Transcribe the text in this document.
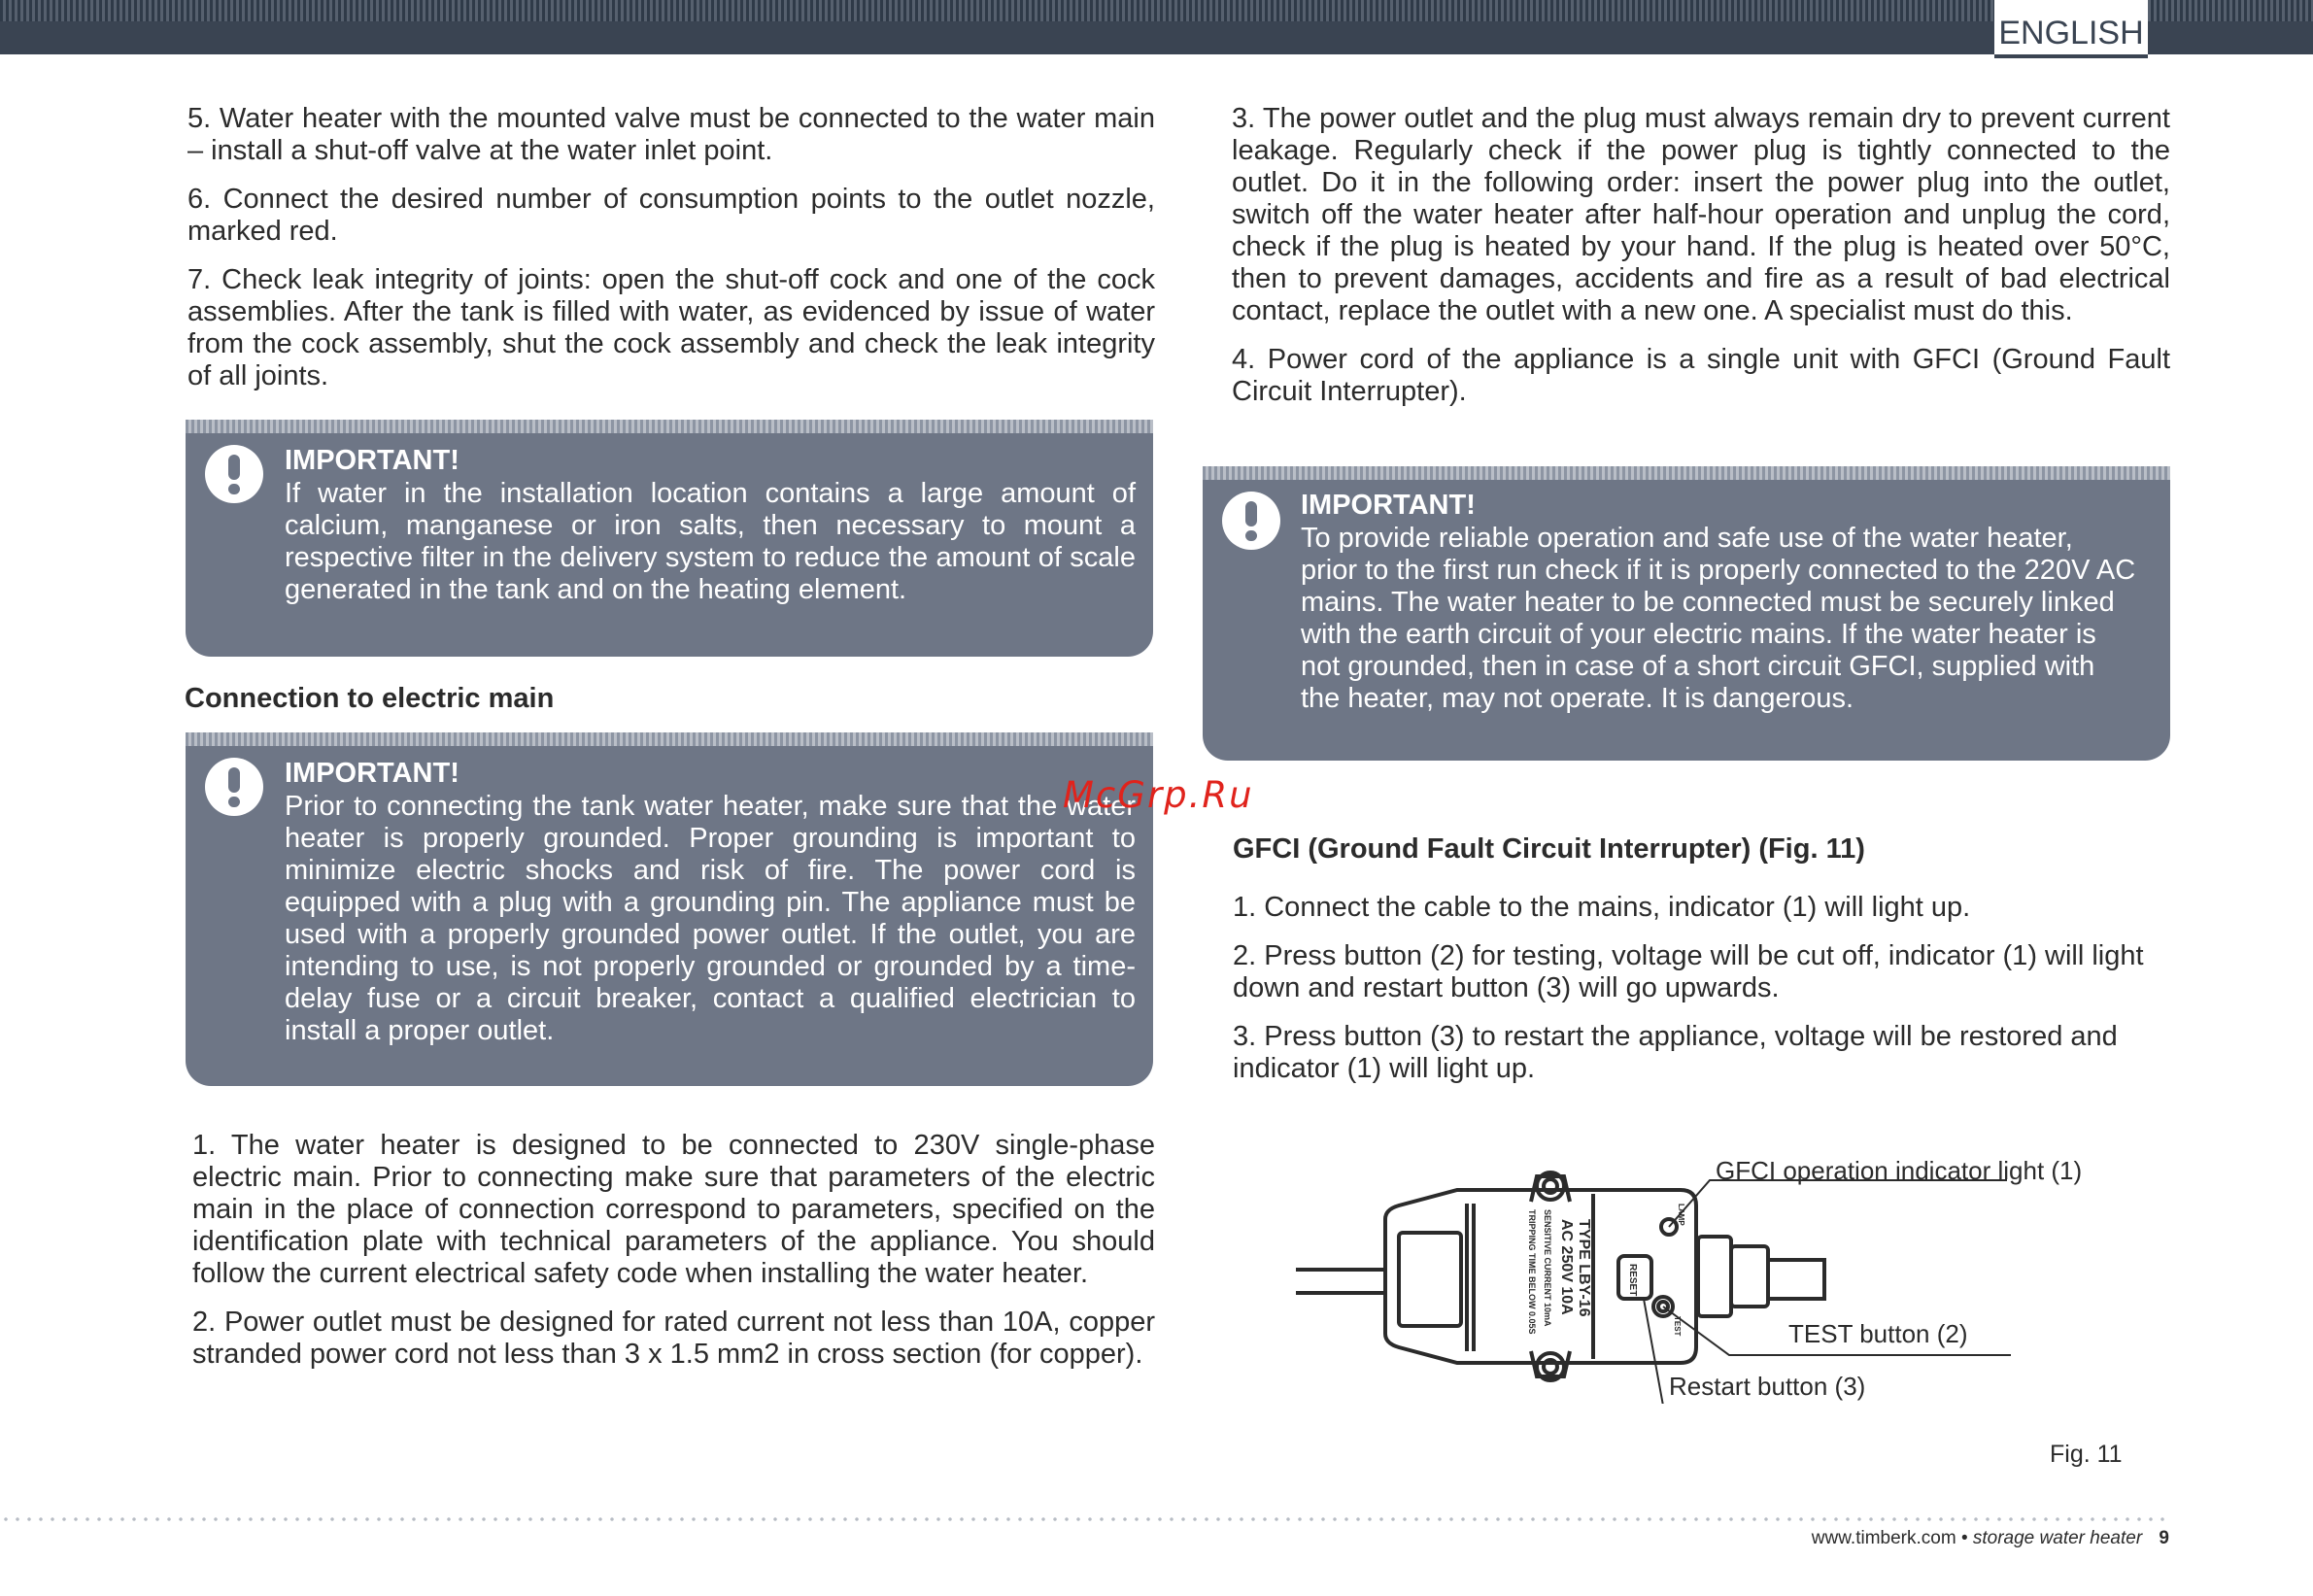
ENGLISH

5. Water heater with the mounted valve must be connected to the water main – install a shut-off valve at the water inlet point.

6. Connect the desired number of consumption points to the outlet nozzle, marked red.

7. Check leak integrity of joints: open the shut-off cock and one of the cock assemblies. After the tank is filled with water, as evidenced by issue of water from the cock assembly, shut the cock assembly and check the leak integrity of all joints.

IMPORTANT!
If water in the installation location contains a large amount of calcium, manganese or iron salts, then necessary to mount a respective filter in the delivery system to reduce the amount of scale generated in the tank and on the heating element.
Connection to electric main
IMPORTANT!
Prior to connecting the tank water heater, make sure that the water heater is properly grounded. Proper grounding is important to minimize electric shocks and risk of fire. The power cord is equipped with a plug with a grounding pin. The appliance must be used with a properly grounded power outlet. If the outlet, you are intending to use, is not properly grounded or grounded by a time-delay fuse or a circuit breaker, contact a qualified electrician to install a proper outlet.

1. The water heater is designed to be connected to 230V single-phase electric main. Prior to connecting make sure that parameters of the electric main in the place of connection correspond to parameters, specified on the identification plate with technical parameters of the appliance. You should follow the current electrical safety code when installing the water heater.

2. Power outlet must be designed for rated current not less than 10A, copper stranded power cord not less than 3 x 1.5 mm2 in cross section (for copper).

3. The power outlet and the plug must always remain dry to prevent current leakage. Regularly check if the power plug is tightly connected to the outlet. Do it in the following order: insert the power plug into the outlet, switch off the water heater after half-hour operation and unplug the cord, check if the plug is heated by your hand. If the plug is heated over 50°C, then to prevent damages, accidents and fire as a result of bad electrical contact, replace the outlet with a new one. A specialist must do this.

4. Power cord of the appliance is a single unit with GFCI (Ground Fault Circuit Interrupter).

IMPORTANT!
To provide reliable operation and safe use of the water heater, prior to the first run check if it is properly connected to the 220V AC mains. The water heater to be connected must be securely linked with the earth circuit of your electric mains. If the water heater is not grounded, then in case of a short circuit GFCI, supplied with the heater, may not operate. It is dangerous.
McGrp.Ru
GFCI (Ground Fault Circuit Interrupter) (Fig. 11)

1. Connect the cable to the mains, indicator (1) will light up.

2. Press button (2) for testing, voltage will be cut off, indicator (1) will light down and restart button (3) will go upwards.

3. Press button (3) to restart the appliance, voltage will be restored and indicator (1) will light up.

TYPE LBY-16
AC 250V 10A
SENSITIVE CURRENT 10mA
TRIPPING TIME BELOW 0.05S	RESET
LAMP
TEST
GFCI operation indicator light (1)
TEST button (2)
Restart button (3)
Fig. 11
www.timberk.com • storage water heater 9
